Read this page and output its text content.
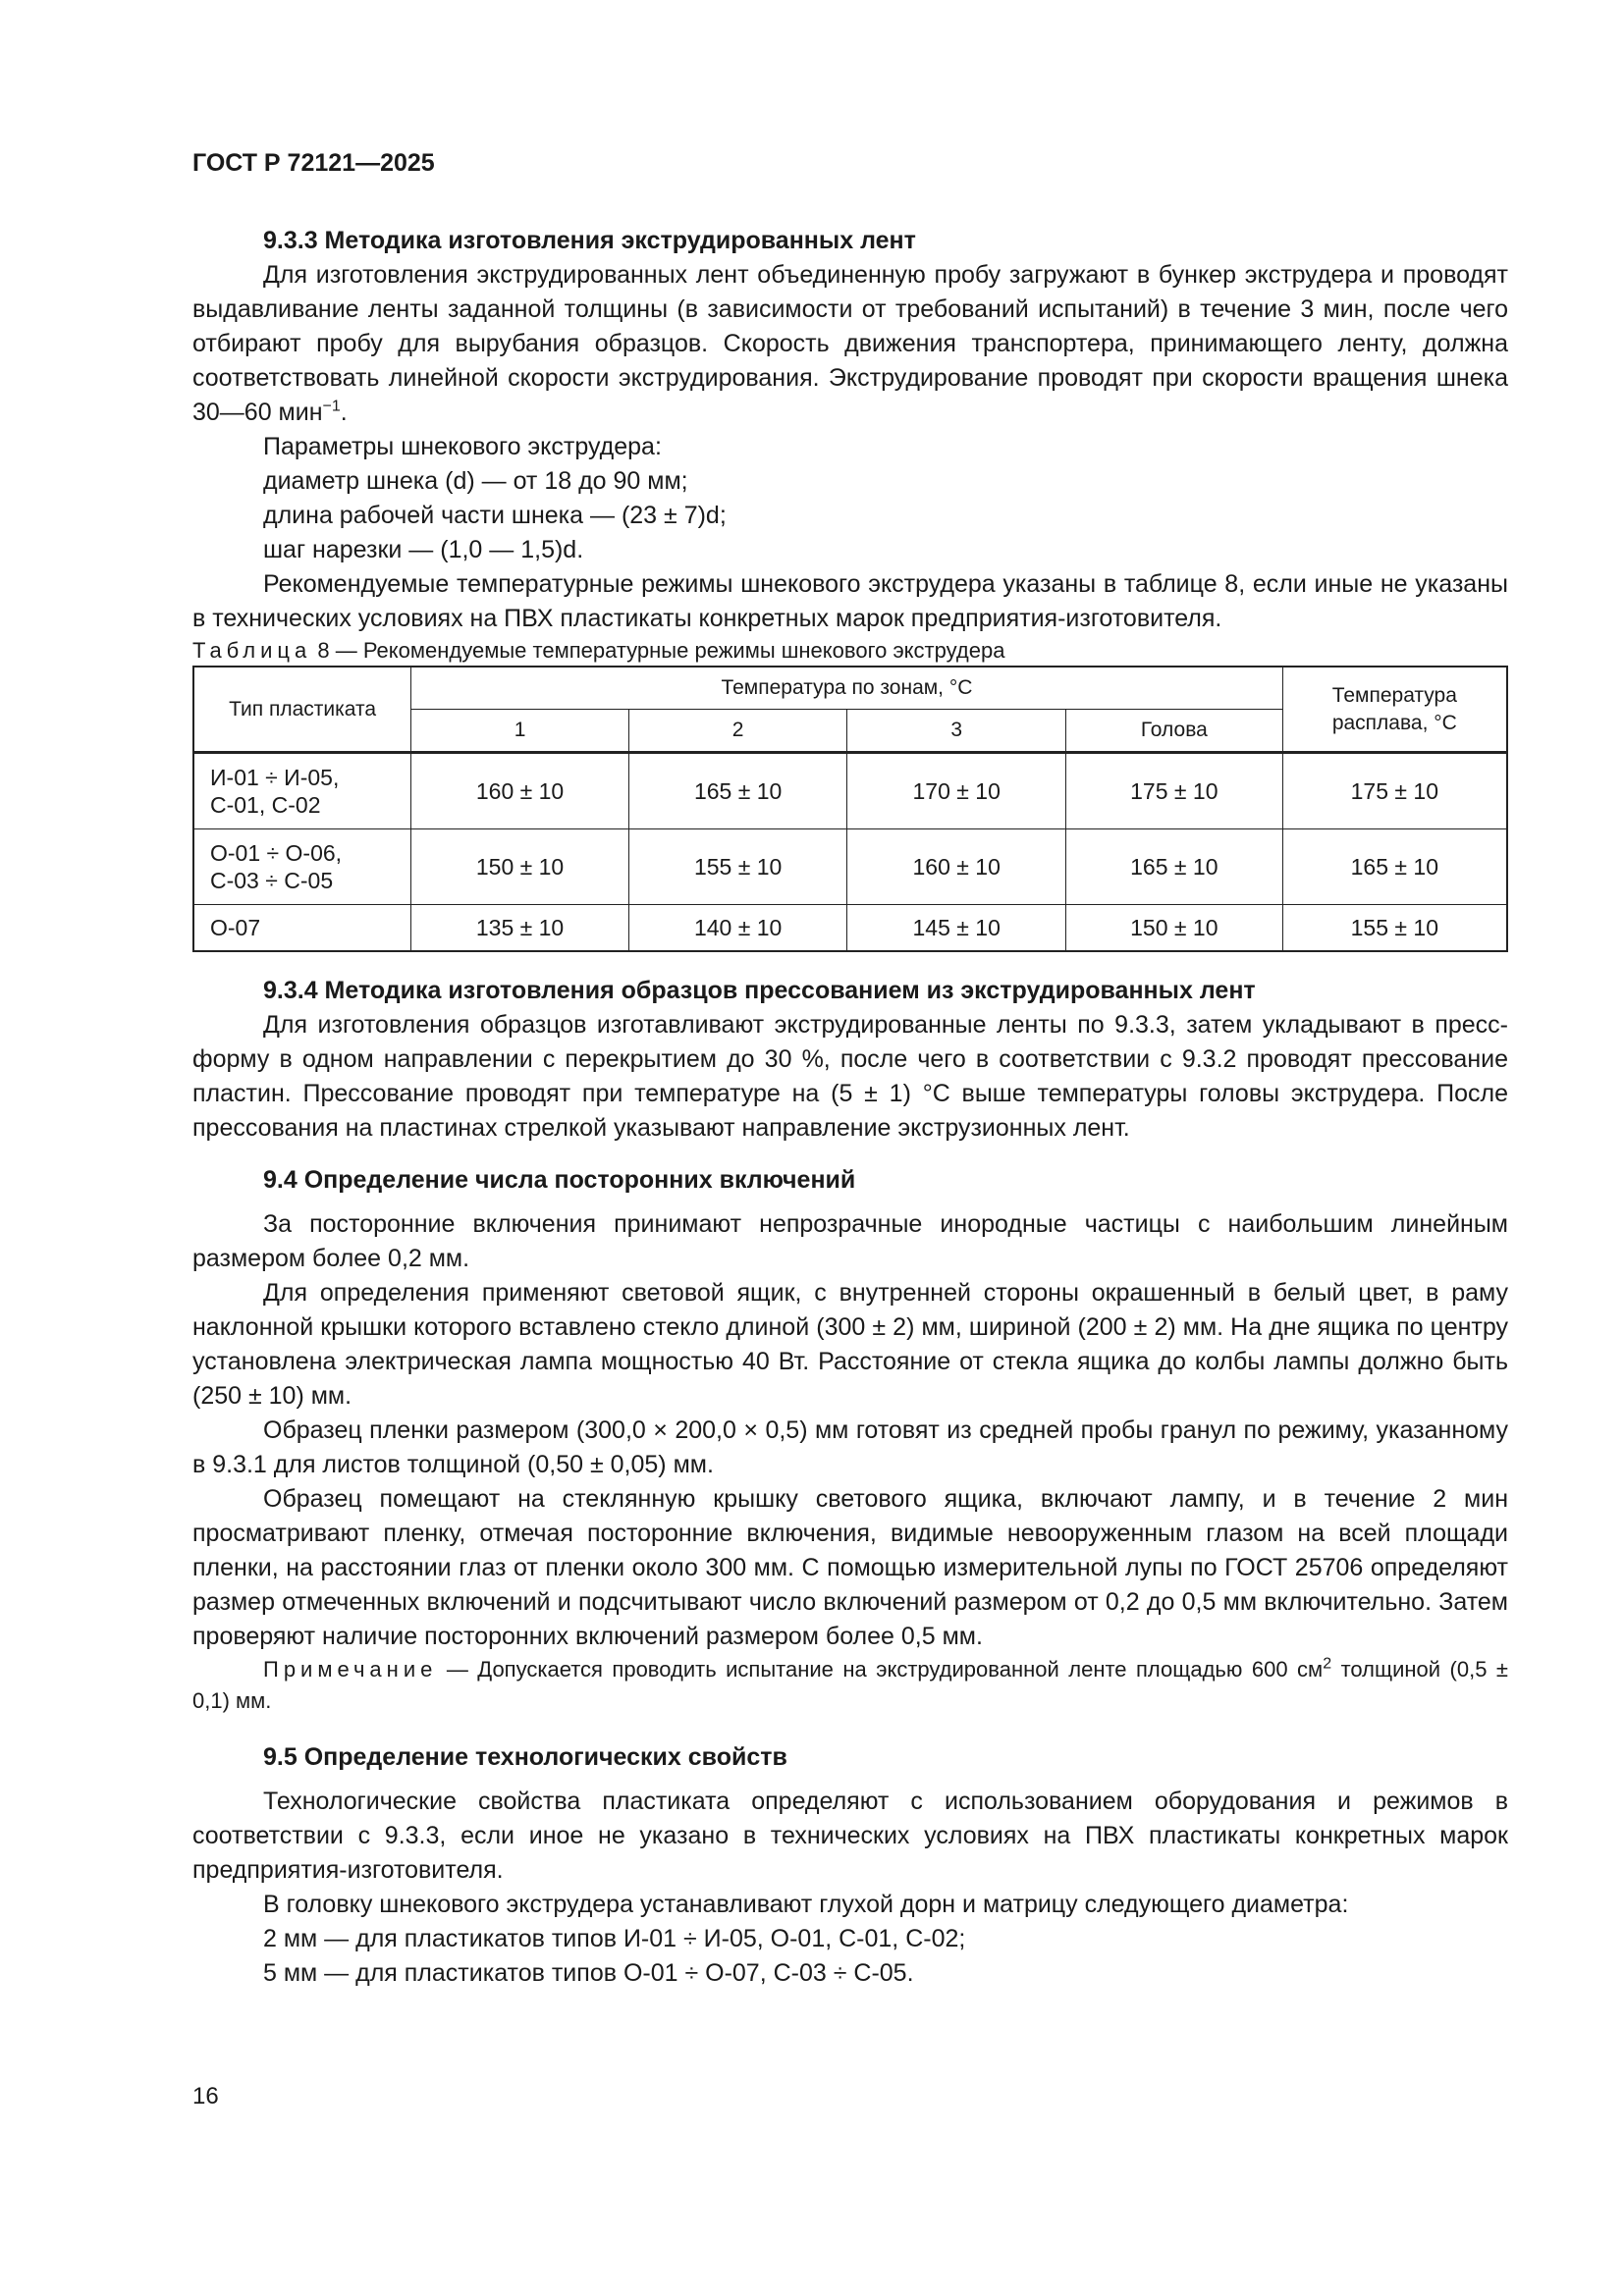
ГОСТ Р 72121—2025

9.3.3 Методика изготовления экструдированных лент

Для изготовления экструдированных лент объединенную пробу загружают в бункер экструдера и проводят выдавливание ленты заданной толщины (в зависимости от требований испытаний) в течение 3 мин, после чего отбирают пробу для вырубания образцов. Скорость движения транспортера, принимающего ленту, должна соответствовать линейной скорости экструдирования. Экструдирование проводят при скорости вращения шнека 30—60 мин$^{-1}$.

Параметры шнекового экструдера:

диаметр шнека (d) — от 18 до 90 мм;

длина рабочей части шнека — (23 ± 7)d;

шаг нарезки — (1,0 — 1,5)d.

Рекомендуемые температурные режимы шнекового экструдера указаны в таблице 8, если иные не указаны в технических условиях на ПВХ пластикаты конкретных марок предприятия-изготовителя.

Таблица 8 — Рекомендуемые температурные режимы шнекового экструдера

Тип пластиката	Температура по зонам, °С				Температура расплава, °С
	1	2	3	Голова	
И-01 ÷ И-05,
С-01, С-02	160 ± 10	165 ± 10	170 ± 10	175 ± 10	175 ± 10
О-01 ÷ О-06,
С-03 ÷ С-05	150 ± 10	155 ± 10	160 ± 10	165 ± 10	165 ± 10
О-07	135 ± 10	140 ± 10	145 ± 10	150 ± 10	155 ± 10

9.3.4 Методика изготовления образцов прессованием из экструдированных лент

Для изготовления образцов изготавливают экструдированные ленты по 9.3.3, затем укладывают в пресс-форму в одном направлении с перекрытием до 30 %, после чего в соответствии с 9.3.2 проводят прессование пластин. Прессование проводят при температуре на (5 ± 1) °С выше температуры головы экструдера. После прессования на пластинах стрелкой указывают направление экструзионных лент.

9.4 Определение числа посторонних включений

За посторонние включения принимают непрозрачные инородные частицы с наибольшим линейным размером более 0,2 мм.

Для определения применяют световой ящик, с внутренней стороны окрашенный в белый цвет, в раму наклонной крышки которого вставлено стекло длиной (300 ± 2) мм, шириной (200 ± 2) мм. На дне ящика по центру установлена электрическая лампа мощностью 40 Вт. Расстояние от стекла ящика до колбы лампы должно быть (250 ± 10) мм.

Образец пленки размером (300,0 × 200,0 × 0,5) мм готовят из средней пробы гранул по режиму, указанному в 9.3.1 для листов толщиной (0,50 ± 0,05) мм.

Образец помещают на стеклянную крышку светового ящика, включают лампу, и в течение 2 мин просматривают пленку, отмечая посторонние включения, видимые невооруженным глазом на всей площади пленки, на расстоянии глаз от пленки около 300 мм. С помощью измерительной лупы по ГОСТ 25706 определяют размер отмеченных включений и подсчитывают число включений размером от 0,2 до 0,5 мм включительно. Затем проверяют наличие посторонних включений размером более 0,5 мм.

Примечание — Допускается проводить испытание на экструдированной ленте площадью 600 $см^2$ толщиной (0,5 ± 0,1) мм.

9.5 Определение технологических свойств

Технологические свойства пластиката определяют с использованием оборудования и режимов в соответствии с 9.3.3, если иное не указано в технических условиях на ПВХ пластикаты конкретных марок предприятия-изготовителя.

В головку шнекового экструдера устанавливают глухой дорн и матрицу следующего диаметра:

2 мм — для пластикатов типов И-01 ÷ И-05, О-01, С-01, С-02;

5 мм — для пластикатов типов О-01 ÷ О-07, С-03 ÷ С-05.

16
